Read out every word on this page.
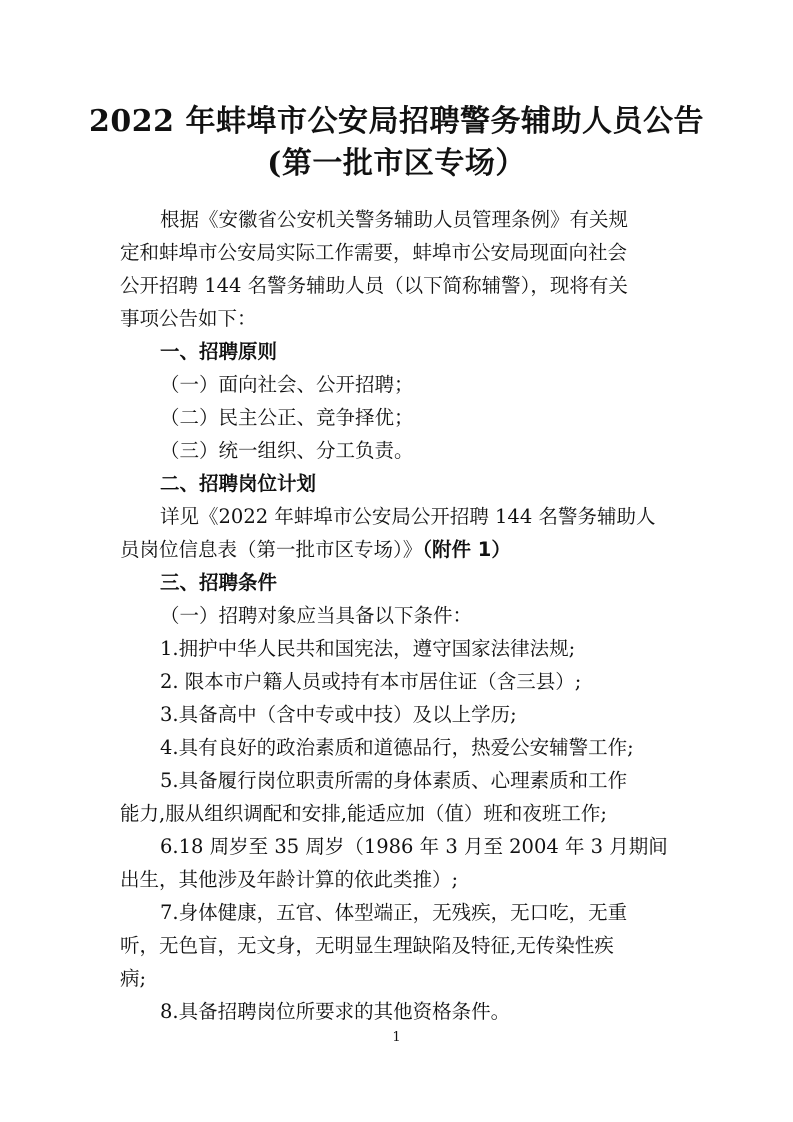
2022 年蚌埠市公安局招聘警务辅助人员公告
(第一批市区专场）
根据《安徽省公安机关警务辅助人员管理条例》有关规
定和蚌埠市公安局实际工作需要，蚌埠市公安局现面向社会
公开招聘 144 名警务辅助人员（以下简称辅警），现将有关
事项公告如下：
一、招聘原则
（一）面向社会、公开招聘；
（二）民主公正、竞争择优；
（三）统一组织、分工负责。
二、招聘岗位计划
详见《2022 年蚌埠市公安局公开招聘 144 名警务辅助人
员岗位信息表（第一批市区专场）》（附件 1）
三、招聘条件
（一）招聘对象应当具备以下条件：
1.拥护中华人民共和国宪法，遵守国家法律法规;
2. 限本市户籍人员或持有本市居住证（含三县）;
3.具备高中（含中专或中技）及以上学历;
4.具有良好的政治素质和道德品行，热爱公安辅警工作;
5.具备履行岗位职责所需的身体素质、心理素质和工作
能力,服从组织调配和安排,能适应加（值）班和夜班工作;
6.18 周岁至 35 周岁（1986 年 3 月至 2004 年 3 月期间
出生，其他涉及年龄计算的依此类推）;
7.身体健康，五官、体型端正，无残疾，无口吃，无重
听，无色盲，无文身，无明显生理缺陷及特征,无传染性疾
病;
8.具备招聘岗位所要求的其他资格条件。
1
